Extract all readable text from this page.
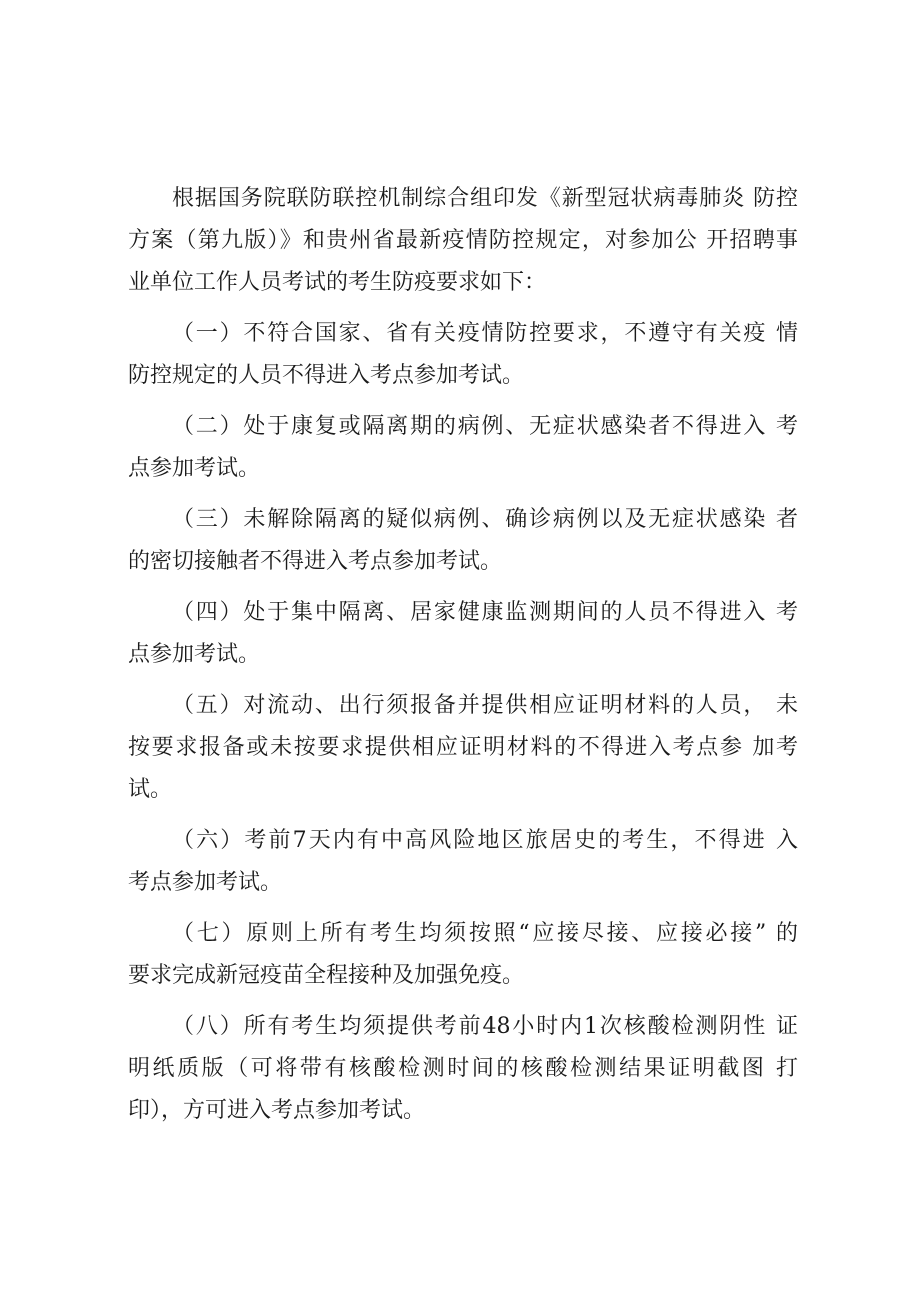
根据国务院联防联控机制综合组印发《新型冠状病毒肺炎 防控
方案（第九版）》和贵州省最新疫情防控规定，对参加公 开招聘事
业单位工作人员考试的考生防疫要求如下：
（一）不符合国家、省有关疫情防控要求，不遵守有关疫 情
防控规定的人员不得进入考点参加考试。
（二）处于康复或隔离期的病例、无症状感染者不得进入 考
点参加考试。
（三）未解除隔离的疑似病例、确诊病例以及无症状感染 者
的密切接触者不得进入考点参加考试。
（四）处于集中隔离、居家健康监测期间的人员不得进入 考
点参加考试。
（五）对流动、出行须报备并提供相应证明材料的人员， 未
按要求报备或未按要求提供相应证明材料的不得进入考点参 加考
试。
（六）考前7天内有中高风险地区旅居史的考生，不得进 入
考点参加考试。
（七）原则上所有考生均须按照“应接尽接、应接必接” 的
要求完成新冠疫苗全程接种及加强免疫。
（八）所有考生均须提供考前48小时内1次核酸检测阴性 证
明纸质版（可将带有核酸检测时间的核酸检测结果证明截图 打
印），方可进入考点参加考试。
